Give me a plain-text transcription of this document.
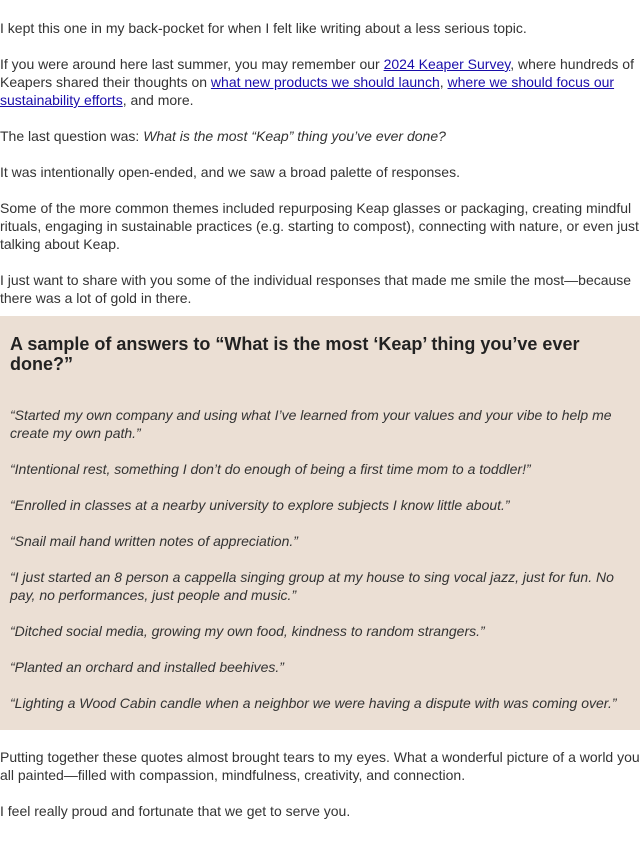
I kept this one in my back-pocket for when I felt like writing about a less serious topic.

If you were around here last summer, you may remember our 2024 Keaper Survey, where hundreds of Keapers shared their thoughts on what new products we should launch, where we should focus our sustainability efforts, and more.

The last question was: What is the most “Keap” thing you’ve ever done?

It was intentionally open-ended, and we saw a broad palette of responses.

Some of the more common themes included repurposing Keap glasses or packaging, creating mindful rituals, engaging in sustainable practices (e.g. starting to compost), connecting with nature, or even just talking about Keap.

I just want to share with you some of the individual responses that made me smile the most—because there was a lot of gold in there.

A sample of answers to “What is the most ‘Keap’ thing you’ve ever done?”

“Started my own company and using what I’ve learned from your values and your vibe to help me create my own path.”

“Intentional rest, something I don’t do enough of being a first time mom to a toddler!”

“Enrolled in classes at a nearby university to explore subjects I know little about.”

“Snail mail hand written notes of appreciation.”

“I just started an 8 person a cappella singing group at my house to sing vocal jazz, just for fun. No pay, no performances, just people and music.”

“Ditched social media, growing my own food, kindness to random strangers.”

“Planted an orchard and installed beehives.”

“Lighting a Wood Cabin candle when a neighbor we were having a dispute with was coming over.”

Putting together these quotes almost brought tears to my eyes. What a wonderful picture of a world you all painted—filled with compassion, mindfulness, creativity, and connection.

I feel really proud and fortunate that we get to serve you.
